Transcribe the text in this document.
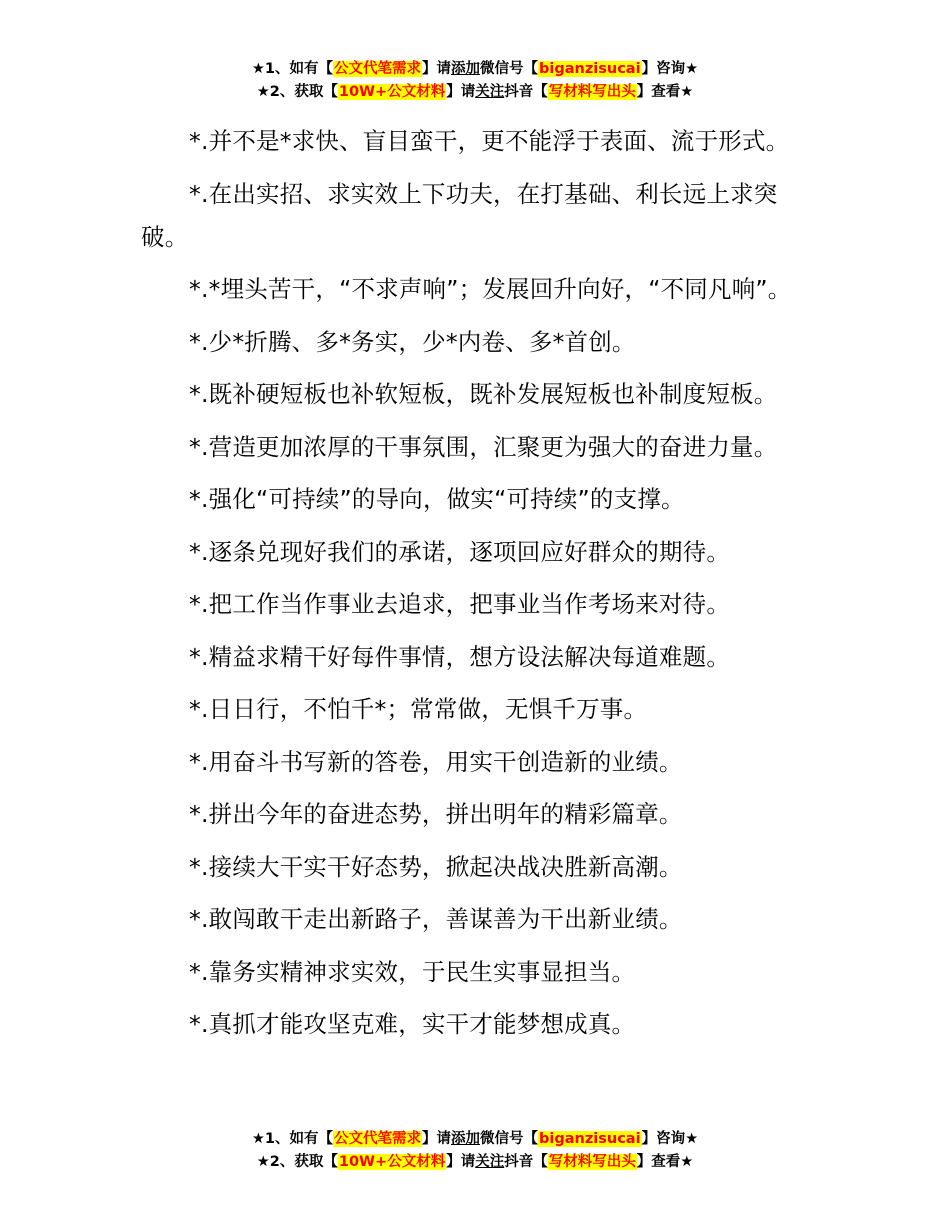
★1、如有【公文代笔需求】请添加微信号【biganzisucai】咨询★
★2、获取【10W+公文材料】请关注抖音【写材料写出头】查看★

*.并不是*求快、盲目蛮干，更不能浮于表面、流于形式。

*.在出实招、求实效上下功夫，在打基础、利长远上求突破。

*.*埋头苦干，“不求声响”；发展回升向好，“不同凡响”。

*.少*折腾、多*务实，少*内卷、多*首创。

*.既补硬短板也补软短板，既补发展短板也补制度短板。

*.营造更加浓厚的干事氛围，汇聚更为强大的奋进力量。

*.强化“可持续”的导向，做实“可持续”的支撑。

*.逐条兑现好我们的承诺，逐项回应好群众的期待。

*.把工作当作事业去追求，把事业当作考场来对待。

*.精益求精干好每件事情，想方设法解决每道难题。

*.日日行，不怕千*；常常做，无惧千万事。

*.用奋斗书写新的答卷，用实干创造新的业绩。

*.拼出今年的奋进态势，拼出明年的精彩篇章。

*.接续大干实干好态势，掀起决战决胜新高潮。

*.敢闯敢干走出新路子，善谋善为干出新业绩。

*.靠务实精神求实效，于民生实事显担当。

*.真抓才能攻坚克难，实干才能梦想成真。

★1、如有【公文代笔需求】请添加微信号【biganzisucai】咨询★
★2、获取【10W+公文材料】请关注抖音【写材料写出头】查看★
